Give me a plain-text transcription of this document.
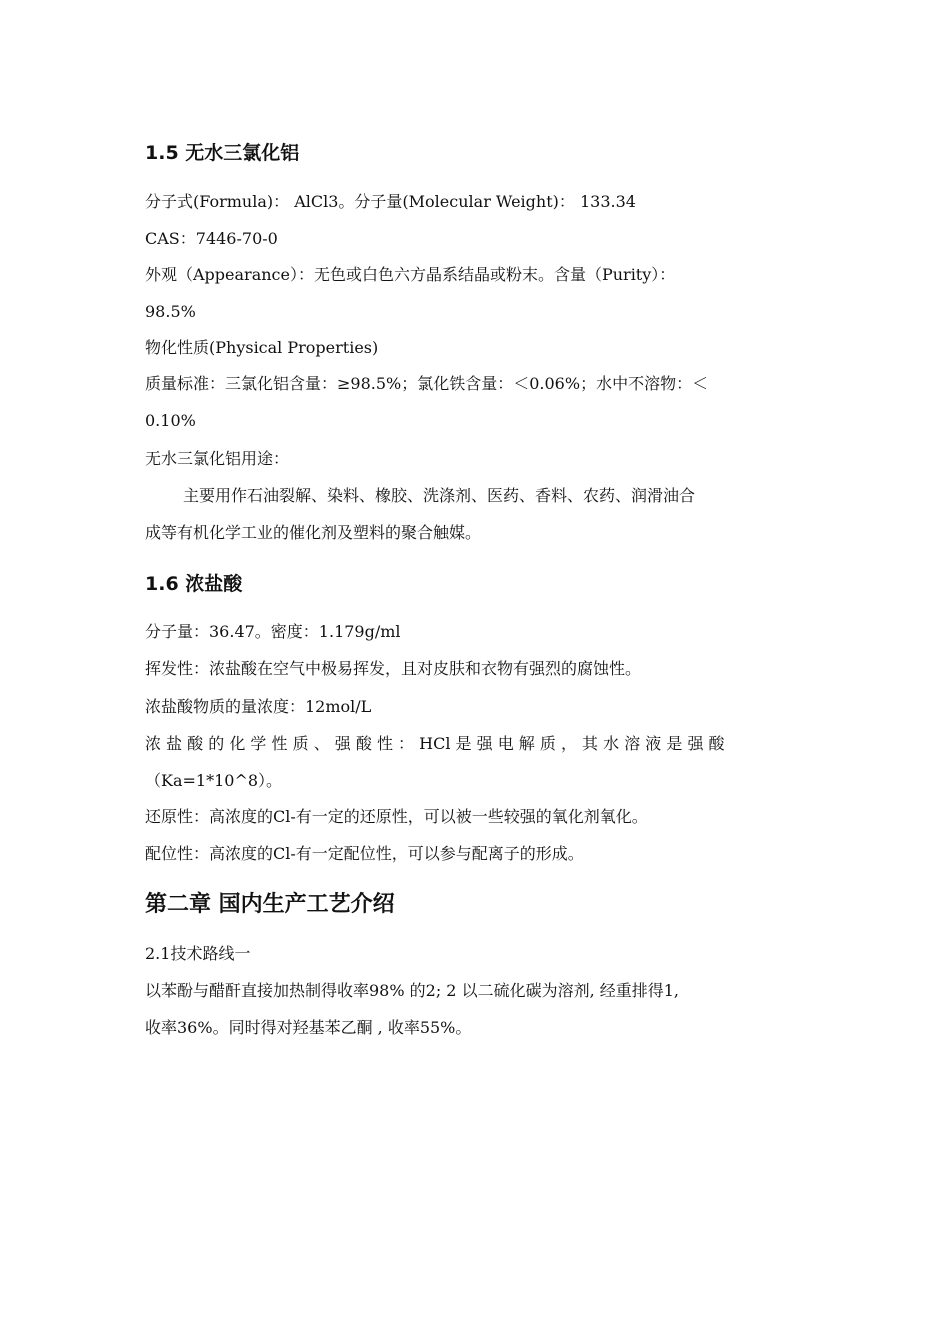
1.5 无水三氯化铝
分子式(Formula)： AlCl3。分子量(Molecular Weight)： 133.34
CAS：7446-70-0
外观（Appearance）：无色或白色六方晶系结晶或粉末。含量（Purity）：
98.5%
物化性质(Physical Properties)
质量标准：三氯化铝含量：≥98.5%；氯化铁含量：＜0.06%；水中不溶物：＜
0.10%
无水三氯化铝用途：
主要用作石油裂解、染料、橡胶、洗涤剂、医药、香料、农药、润滑油合
成等有机化学工业的催化剂及塑料的聚合触媒。
1.6 浓盐酸
分子量：36.47。密度：1.179g/ml
挥发性：浓盐酸在空气中极易挥发，且对皮肤和衣物有强烈的腐蚀性。
浓盐酸物质的量浓度：12mol/L
浓 盐 酸 的 化 学 性 质 、 强 酸 性 ： HCl 是 强 电 解 质 ， 其 水 溶 液 是 强 酸
（Ka=1*10^8）。
还原性：高浓度的Cl-有一定的还原性，可以被一些较强的氧化剂氧化。
配位性：高浓度的Cl-有一定配位性，可以参与配离子的形成。
第二章 国内生产工艺介绍
2.1技术路线一
以苯酚与醋酐直接加热制得收率98% 的2; 2 以二硫化碳为溶剂, 经重排得1,
收率36%。同时得对羟基苯乙酮 , 收率55%。
